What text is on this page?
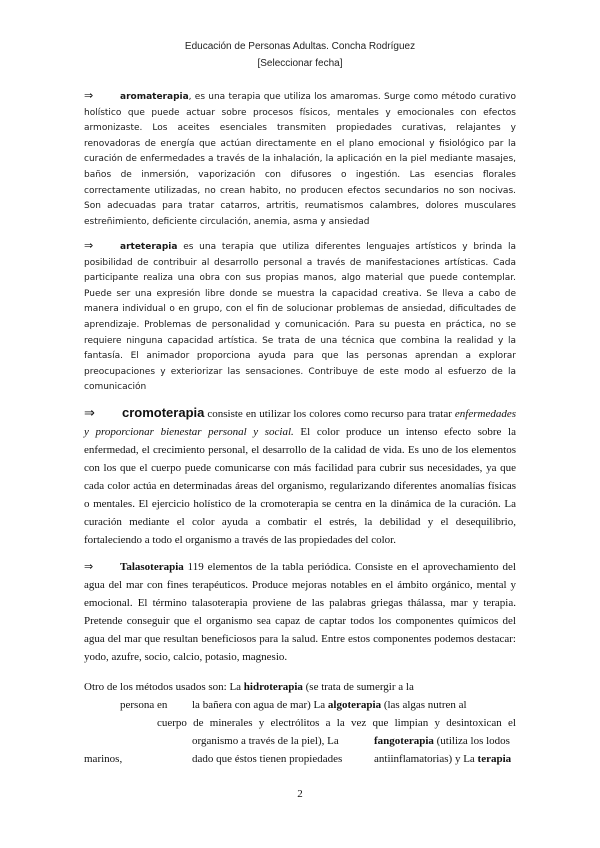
Educación de Personas Adultas. Concha Rodríguez
[Seleccionar fecha]
⇒	aromaterapia, es una terapia que utiliza los amaromas. Surge como método curativo holístico que puede actuar sobre procesos físicos, mentales y emocionales con efectos armonizaste. Los aceites esenciales transmiten propiedades curativas, relajantes y renovadoras de energía que actúan directamente en el plano emocional y fisiológico par la curación de enfermedades a través de la inhalación, la aplicación en la piel mediante masajes, baños de inmersión, vaporización con difusores o ingestión. Las esencias florales correctamente utilizadas, no crean habito, no producen efectos secundarios no son nocivas. Son adecuadas para tratar catarros, artritis, reumatismos calambres, dolores musculares estreñimiento, deficiente circulación, anemia, asma y ansiedad
⇒	arteterapia es una terapia que utiliza diferentes lenguajes artísticos y brinda la posibilidad de contribuir al desarrollo personal a través de manifestaciones artísticas. Cada participante realiza una obra con sus propias manos, algo material que puede contemplar. Puede ser una expresión libre donde se muestra la capacidad creativa. Se lleva a cabo de manera individual o en grupo, con el fin de solucionar problemas de ansiedad, dificultades de aprendizaje. Problemas de personalidad y comunicación. Para su puesta en práctica, no se requiere ninguna capacidad artística. Se trata de una técnica que combina la realidad y la fantasía. El animador proporciona ayuda para que las personas aprendan a explorar preocupaciones y exteriorizar las sensaciones. Contribuye de este modo al esfuerzo de la comunicación
⇒ cromoterapia consiste en utilizar los colores como recurso para tratar enfermedades y proporcionar bienestar personal y social. El color produce un intenso efecto sobre la enfermedad, el crecimiento personal, el desarrollo de la calidad de vida. Es uno de los elementos con los que el cuerpo puede comunicarse con más facilidad para cubrir sus necesidades, ya que cada color actúa en determinadas áreas del organismo, regularizando diferentes anomalías físicas o mentales. El ejercicio holístico de la cromoterapia se centra en la dinámica de la curación. La curación mediante el color ayuda a combatir el estrés, la debilidad y el desequilibrio, fortaleciendo a todo el organismo a través de las propiedades del color.
⇒ Talasoterapia 119 elementos de la tabla periódica. Consiste en el aprovechamiento del agua del mar con fines terapéuticos. Produce mejoras notables en el ámbito orgánico, mental y emocional. El término talasoterapia proviene de las palabras griegas thálassa, mar y terapia. Pretende conseguir que el organismo sea capaz de captar todos los componentes químicos del agua del mar que resultan beneficiosos para la salud. Entre estos componentes podemos destacar: yodo, azufre, socio, calcio, potasio, magnesio.
Otro de los métodos usados son: La hidroterapia (se trata de sumergir a la
persona en la bañera con agua de mar) La algoterapia (las algas nutren al
cuerpo de minerales y electrólitos a la vez que limpian y desintoxican el
organismo a través de la piel), La	fangoterapia (utiliza los lodos
marinos,	dado que éstos tienen propiedades	antiinflamatorias) y La terapia
2
